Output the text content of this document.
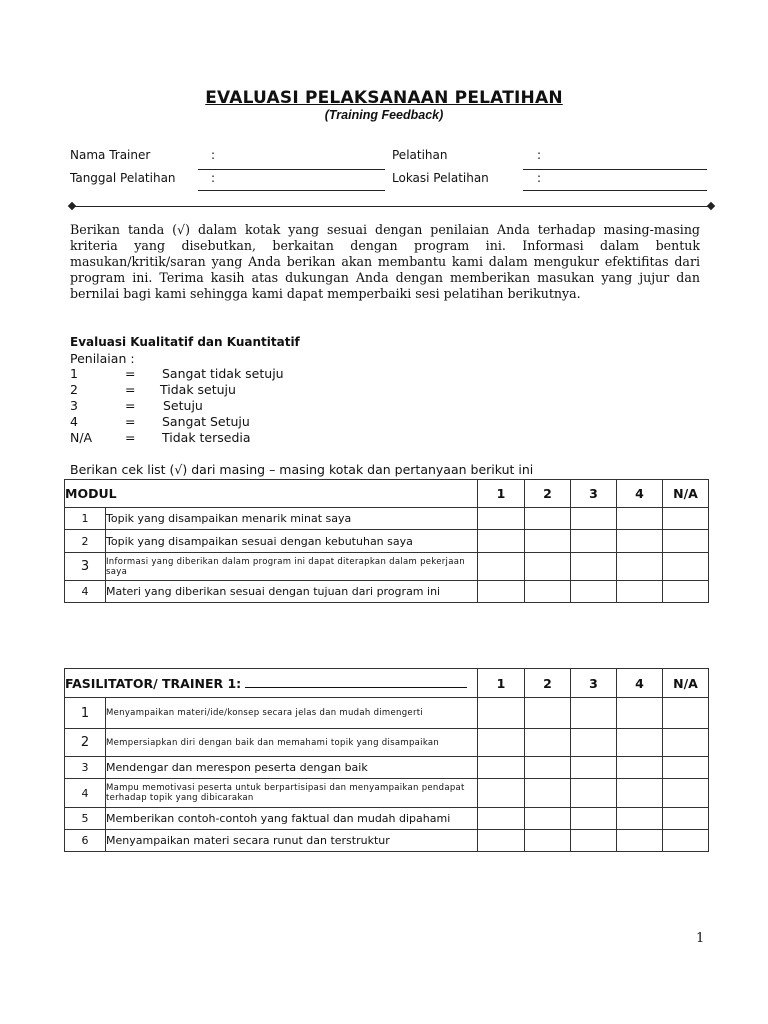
EVALUASI PELAKSANAAN PELATIHAN
(Training Feedback)
Nama Trainer	:	Pelatihan	:
Tanggal Pelatihan	:	Lokasi Pelatihan	:
Berikan tanda (√) dalam kotak yang sesuai dengan penilaian Anda terhadap masing-masing kriteria yang disebutkan, berkaitan dengan program ini. Informasi dalam bentuk masukan/kritik/saran yang Anda berikan akan membantu kami dalam mengukur efektifitas dari program ini. Terima kasih atas dukungan Anda dengan memberikan masukan yang jujur dan bernilai bagi kami sehingga kami dapat memperbaiki sesi pelatihan berikutnya.
Evaluasi Kualitatif dan Kuantitatif
Penilaian :
1	= Sangat tidak setuju
2	= Tidak setuju
3	= Setuju
4	= Sangat Setuju
N/A	= Tidak tersedia
Berikan cek list (√) dari masing – masing kotak dan pertanyaan berikut ini
MODUL		1	2	3	4	N/A
1	Topik yang disampaikan menarik minat saya					
2	Topik yang disampaikan sesuai dengan kebutuhan saya					
3	Informasi yang diberikan dalam program ini dapat diterapkan dalam pekerjaan saya					
4	Materi yang diberikan sesuai dengan tujuan dari program ini					
FASILITATOR/ TRAINER 1:		1	2	3	4	N/A
1	Menyampaikan materi/ide/konsep secara jelas dan mudah dimengerti					
2	Mempersiapkan diri dengan baik dan memahami topik yang disampaikan					
3	Mendengar dan merespon peserta dengan baik					
4	Mampu memotivasi peserta untuk berpartisipasi dan menyampaikan pendapat terhadap topik yang dibicarakan					
5	Memberikan contoh-contoh yang faktual dan mudah dipahami					
6	Menyampaikan materi secara runut dan terstruktur					
1
